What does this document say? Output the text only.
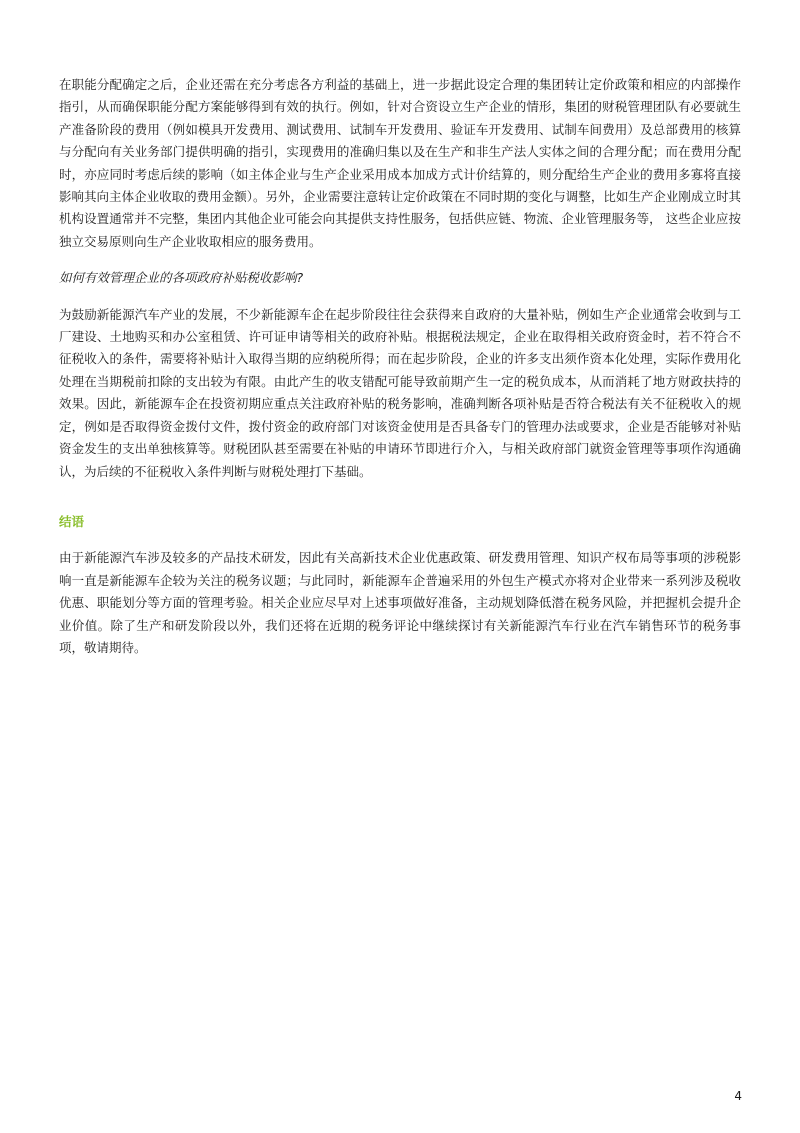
在职能分配确定之后，企业还需在充分考虑各方利益的基础上，进一步据此设定合理的集团转让定价政策和相应的内部操作指引，从而确保职能分配方案能够得到有效的执行。例如，针对合资设立生产企业的情形，集团的财税管理团队有必要就生产准备阶段的费用（例如模具开发费用、测试费用、试制车开发费用、验证车开发费用、试制车间费用）及总部费用的核算与分配向有关业务部门提供明确的指引，实现费用的准确归集以及在生产和非生产法人实体之间的合理分配；而在费用分配时，亦应同时考虑后续的影响（如主体企业与生产企业采用成本加成方式计价结算的，则分配给生产企业的费用多寡将直接影响其向主体企业收取的费用金额）。另外，企业需要注意转让定价政策在不同时期的变化与调整，比如生产企业刚成立时其机构设置通常并不完整，集团内其他企业可能会向其提供支持性服务，包括供应链、物流、企业管理服务等， 这些企业应按独立交易原则向生产企业收取相应的服务费用。

如何有效管理企业的各项政府补贴税收影响?

为鼓励新能源汽车产业的发展，不少新能源车企在起步阶段往往会获得来自政府的大量补贴，例如生产企业通常会收到与工厂建设、土地购买和办公室租赁、许可证申请等相关的政府补贴。根据税法规定，企业在取得相关政府资金时，若不符合不征税收入的条件，需要将补贴计入取得当期的应纳税所得；而在起步阶段，企业的许多支出须作资本化处理，实际作费用化处理在当期税前扣除的支出较为有限。由此产生的收支错配可能导致前期产生一定的税负成本，从而消耗了地方财政扶持的效果。因此，新能源车企在投资初期应重点关注政府补贴的税务影响，准确判断各项补贴是否符合税法有关不征税收入的规定，例如是否取得资金拨付文件，拨付资金的政府部门对该资金使用是否具备专门的管理办法或要求，企业是否能够对补贴资金发生的支出单独核算等。财税团队甚至需要在补贴的申请环节即进行介入，与相关政府部门就资金管理等事项作沟通确认，为后续的不征税收入条件判断与财税处理打下基础。

结语

由于新能源汽车涉及较多的产品技术研发，因此有关高新技术企业优惠政策、研发费用管理、知识产权布局等事项的涉税影响一直是新能源车企较为关注的税务议题；与此同时，新能源车企普遍采用的外包生产模式亦将对企业带来一系列涉及税收优惠、职能划分等方面的管理考验。相关企业应尽早对上述事项做好准备，主动规划降低潜在税务风险，并把握机会提升企业价值。除了生产和研发阶段以外，我们还将在近期的税务评论中继续探讨有关新能源汽车行业在汽车销售环节的税务事项，敬请期待。

4
